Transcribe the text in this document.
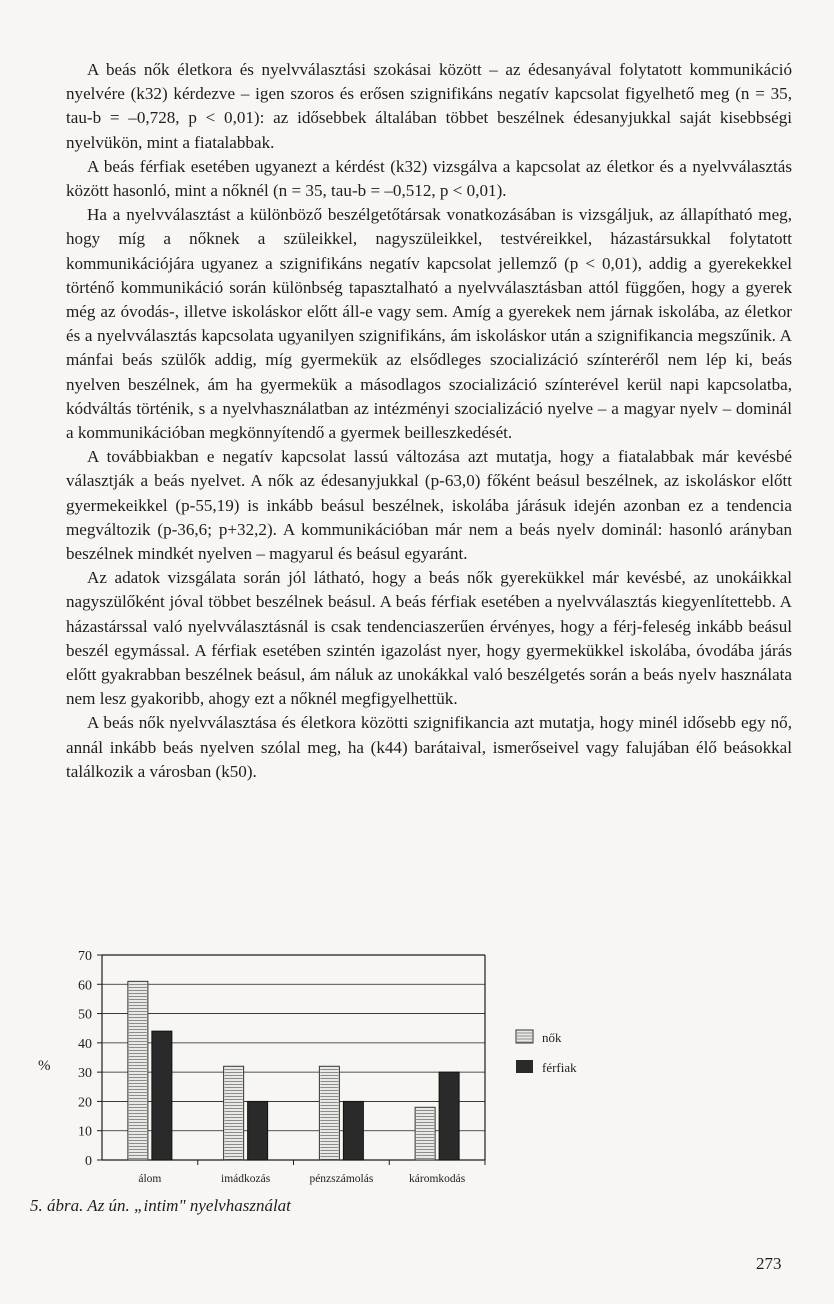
A beás nők életkora és nyelvválasztási szokásai között – az édesanyával folytatott kommunikáció nyelvére (k32) kérdezve – igen szoros és erősen szignifikáns negatív kapcsolat figyelhető meg (n = 35, tau-b = –0,728, p < 0,01): az idősebbek általában többet beszélnek édesanyjukkal saját kisebbségi nyelvükön, mint a fiatalabbak.

A beás férfiak esetében ugyanezt a kérdést (k32) vizsgálva a kapcsolat az életkor és a nyelvválasztás között hasonló, mint a nőknél (n = 35, tau-b = –0,512, p < 0,01).

Ha a nyelvválasztást a különböző beszélgetőtársak vonatkozásában is vizsgáljuk, az állapítható meg, hogy míg a nőknek a szüleikkel, nagyszüleikkel, testvéreikkel, házastársukkal folytatott kommunikációjára ugyanez a szignifikáns negatív kapcsolat jellemző (p < 0,01), addig a gyerekekkel történő kommunikáció során különbség tapasztalható a nyelvválasztásban attól függően, hogy a gyerek még az óvodás-, illetve iskoláskor előtt áll-e vagy sem. Amíg a gyerekek nem járnak iskolába, az életkor és a nyelvválasztás kapcsolata ugyanilyen szignifikáns, ám iskoláskor után a szignifikancia megszűnik. A mánfai beás szülők addig, míg gyermekük az elsődleges szocializáció színteréről nem lép ki, beás nyelven beszélnek, ám ha gyermekük a másodlagos szocializáció színterével kerül napi kapcsolatba, kódváltás történik, s a nyelvhasználatban az intézményi szocializáció nyelve – a magyar nyelv – dominál a kommunikációban megkönnyítendő a gyermek beilleszkedését.

A továbbiakban e negatív kapcsolat lassú változása azt mutatja, hogy a fiatalabbak már kevésbé választják a beás nyelvet. A nők az édesanyjukkal (p-63,0) főként beásul beszélnek, az iskoláskor előtt gyermekeikkel (p-55,19) is inkább beásul beszélnek, iskolába járásuk idején azonban ez a tendencia megváltozik (p-36,6; p+32,2). A kommunikációban már nem a beás nyelv dominál: hasonló arányban beszélnek mindkét nyelven – magyarul és beásul egyaránt.

Az adatok vizsgálata során jól látható, hogy a beás nők gyerekükkel már kevésbé, az unokáikkal nagyszülőként jóval többet beszélnek beásul. A beás férfiak esetében a nyelvválasztás kiegyenlítettebb. A házastárssal való nyelvválasztásnál is csak tendenciaszerűen érvényes, hogy a férj-feleség inkább beásul beszél egymással. A férfiak esetében szintén igazolást nyer, hogy gyermekükkel iskolába, óvodába járás előtt gyakrabban beszélnek beásul, ám náluk az unokákkal való beszélgetés során a beás nyelv használata nem lesz gyakoribb, ahogy ezt a nőknél megfigyelhettük.

A beás nők nyelvválasztása és életkora közötti szignifikancia azt mutatja, hogy minél idősebb egy nő, annál inkább beás nyelven szólal meg, ha (k44) barátaival, ismerőseivel vagy falujában élő beásokkal találkozik a városban (k50).

0
10
20
30
40
50
60
70
%
álom	imádkozás	pénzszámolás	káromkodás
nők
férfiak
5. ábra. Az ún. „intim" nyelvhasználat
273
